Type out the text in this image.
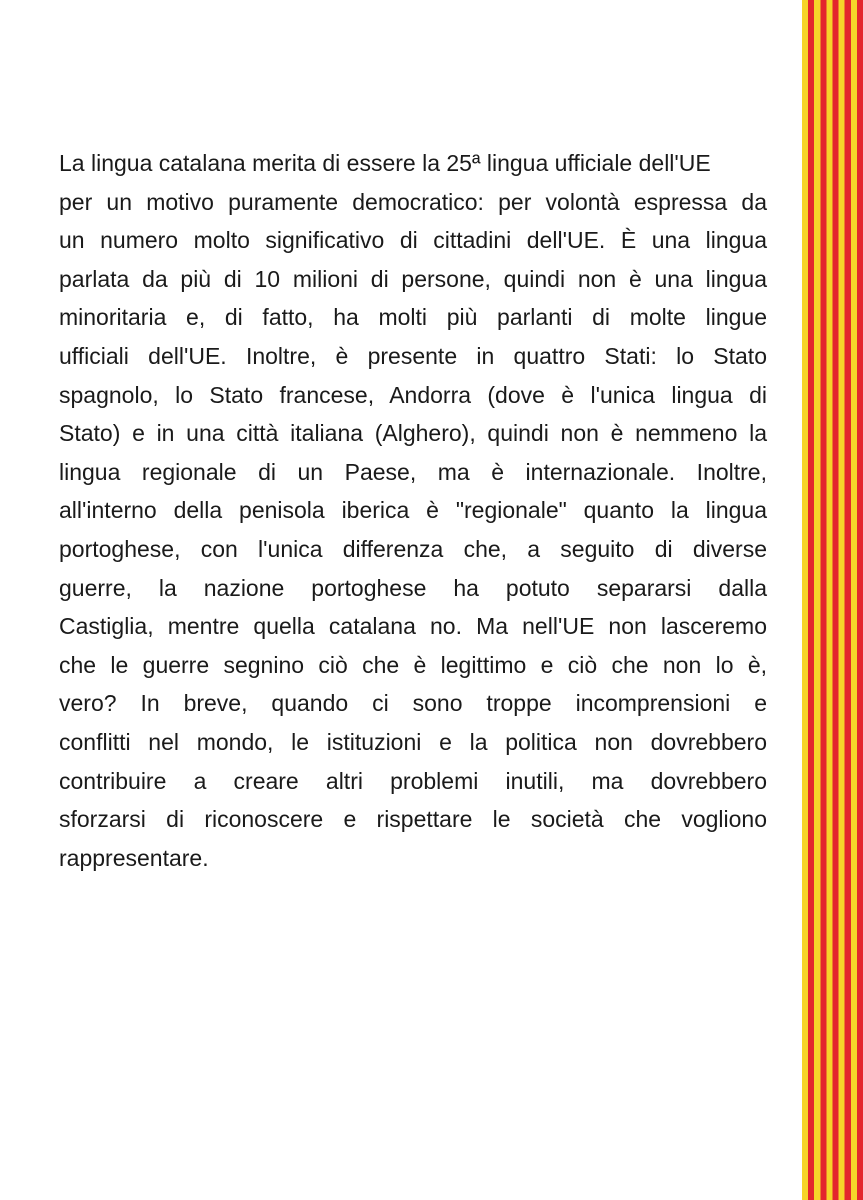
La lingua catalana merita di essere la 25ª lingua ufficiale dell'UE
per un motivo puramente democratico: per volontà espressa da
un numero molto significativo di cittadini dell'UE. È una lingua
parlata da più di 10 milioni di persone, quindi non è una lingua
minoritaria e, di fatto, ha molti più parlanti di molte lingue
ufficiali dell'UE. Inoltre, è presente in quattro Stati: lo Stato
spagnolo, lo Stato francese, Andorra (dove è l'unica lingua di
Stato) e in una città italiana (Alghero), quindi non è nemmeno la
lingua regionale di un Paese, ma è internazionale. Inoltre,
all'interno della penisola iberica è "regionale" quanto la lingua
portoghese, con l'unica differenza che, a seguito di diverse
guerre, la nazione portoghese ha potuto separarsi dalla
Castiglia, mentre quella catalana no. Ma nell'UE non lasceremo
che le guerre segnino ciò che è legittimo e ciò che non lo è,
vero? In breve, quando ci sono troppe incomprensioni e
conflitti nel mondo, le istituzioni e la politica non dovrebbero
contribuire a creare altri problemi inutili, ma dovrebbero
sforzarsi di riconoscere e rispettare le società che vogliono
rappresentare.
